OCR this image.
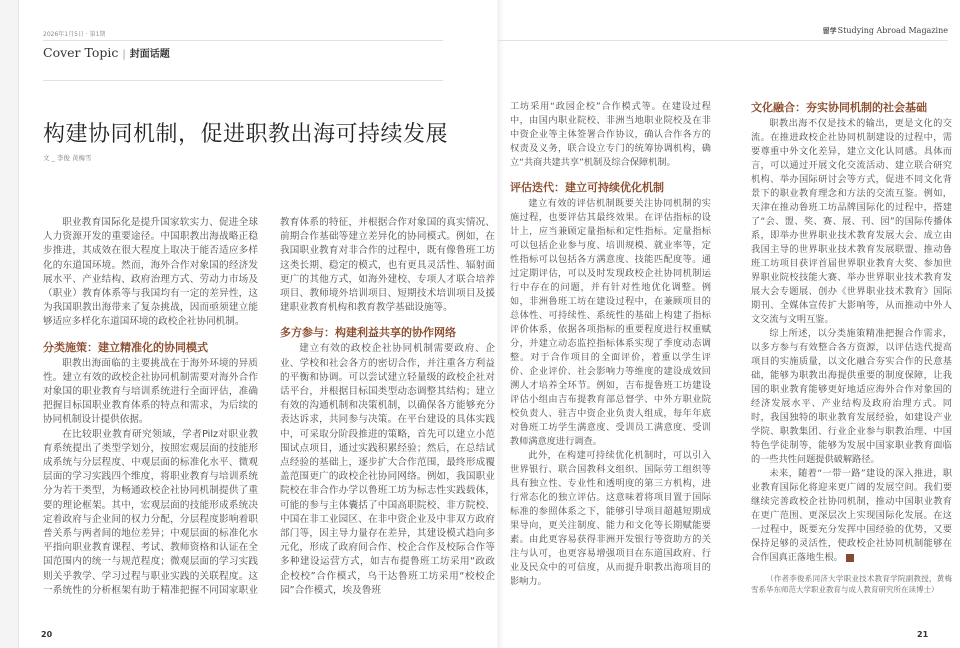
2026年1月5日 · 第1期
Cover Topic | 封面话题
构建协同机制，促进职教出海可持续发展
文 _ 李俊 黄梅雪

职业教育国际化是提升国家软实力、促进全球人力资源开发的重要途径。中国职教出海战略正稳步推进，其成效在很大程度上取决于能否适应多样化的东道国环境。然而，海外合作对象国的经济发展水平、产业结构、政府治理方式、劳动力市场及（职业）教育体系等与我国均有一定的差异性，这为我国职教出海带来了复杂挑战，因而亟须建立能够适应多样化东道国环境的政校企社协同机制。

分类施策：建立精准化的协同模式

职教出海面临的主要挑战在于海外环境的异质性。建立有效的政校企社协同机制需要对海外合作对象国的职业教育与培训系统进行全面评估，准确把握目标国职业教育体系的特点和需求，为后续的协同机制设计提供依据。

在比较职业教育研究领域，学者Pilz对职业教育系统提出了类型学划分，按照宏观层面的技能形成系统与分层程度、中观层面的标准化水平、微观层面的学习实践四个维度，将职业教育与培训系统分为若干类型，为畅通政校企社协同机制提供了重要的理论框架。其中，宏观层面的技能形成系统决定着政府与企业间的权力分配，分层程度影响着职普关系与两者间的地位差异；中观层面的标准化水平指向职业教育课程、考试、教师资格和认证在全国范围内的统一与规范程度；微观层面的学习实践则关乎教学、学习过程与职业实践的关联程度。这一系统性的分析框架有助于精准把握不同国家职业教育体系的特征，并根据合作对象国的真实情况、前期合作基础等建立差异化的协同模式。例如，在我国职业教育对非合作的过程中，既有像鲁班工坊这类长期、稳定的模式，也有更具灵活性、辐射面更广的其他方式，如海外建校、专项人才联合培养项目、教师境外培训项目、短期技术培训项目及援建职业教育机构和教育教学基础设施等。

多方参与：构建利益共享的协作网络

建立有效的政校企社协同机制需要政府、企业、学校和社会各方的密切合作，并注重各方利益的平衡和协调。可以尝试建立轻量级的政校企社对话平台，并根据目标国类型动态调整其结构；建立有效的沟通机制和决策机制，以确保各方能够充分表达诉求，共同参与决策。在平台建设的具体实践中，可采取分阶段推进的策略，首先可以建立小范围试点项目，通过实践积累经验；然后，在总结试点经验的基础上，逐步扩大合作范围，最终形成覆盖范围更广的政校企社协同网络。例如，我国职业院校在非合作办学以鲁班工坊为标志性实践载体，可能的参与主体囊括了中国高职院校、非方院校、中国在非工业园区、在非中资企业及中非双方政府部门等，因主导力量存在差异，其建设模式趋向多元化，形成了政府间合作、校企合作及校际合作等多种建设运营方式，如吉布提鲁班工坊采用“政政企校校”合作模式，乌干达鲁班工坊采用“校校企园”合作模式，埃及鲁班

20
留学Studying Abroad Magazine

工坊采用“政园企校”合作模式等。在建设过程中，由国内职业院校、非洲当地职业院校及在非中资企业等主体签署合作协议，确认合作各方的权责及义务，联合设立专门的统筹协调机构，确立“共商共建共享”机制及综合保障机制。

评估迭代：建立可持续优化机制

建立有效的评估机制既要关注协同机制的实施过程，也要评估其最终效果。在评估指标的设计上，应当兼顾定量指标和定性指标。定量指标可以包括企业参与度、培训规模、就业率等，定性指标可以包括各方满意度、技能匹配度等。通过定期评估，可以及时发现政校企社协同机制运行中存在的问题，并有针对性地优化调整。例如，非洲鲁班工坊在建设过程中，在兼顾项目的总体性、可持续性、系统性的基础上构建了指标评价体系，依据各项指标的重要程度进行权重赋分，并建立动态监控指标体系实现了季度动态调整。对于合作项目的全面评价，着重以学生评价、企业评价、社会影响力等维度的建设成效回溯人才培养全环节。例如，吉布提鲁班工坊建设评估小组由吉布提教育部总督学、中外方职业院校负责人、驻吉中资企业负责人组成，每年年底对鲁班工坊学生满意度、受训员工满意度、受训教师满意度进行调查。

此外，在构建可持续优化机制时，可以引入世界银行、联合国教科文组织、国际劳工组织等具有独立性、专业性和透明度的第三方机构，进行常态化的独立评估。这意味着将项目置于国际标准的参照体系之下，能够引导项目超越短期成果导向，更关注制度、能力和文化等长期赋能要素。由此更容易获得非洲开发银行等资助方的关注与认可，也更容易增强项目在东道国政府、行业及民众中的可信度，从而提升职教出海项目的影响力。

文化融合：夯实协同机制的社会基础

职教出海不仅是技术的输出，更是文化的交流。在推进政校企社协同机制建设的过程中，需要尊重中外文化差异，建立文化认同感。具体而言，可以通过开展文化交流活动、建立联合研究机构、举办国际研讨会等方式，促进不同文化背景下的职业教育理念和方法的交流互鉴。例如，天津在推动鲁班工坊品牌国际化的过程中，搭建了“会、盟、奖、赛、展、刊、园”的国际传播体系，即举办世界职业技术教育发展大会、成立由我国主导的世界职业技术教育发展联盟、推动鲁班工坊项目获评首届世界职业教育大奖、参加世界职业院校技能大赛、举办世界职业技术教育发展大会专题展、创办《世界职业技术教育》国际期刊、全媒体宣传扩大影响等，从而推动中外人文交流与文明互鉴。

综上所述，以分类施策精准把握合作需求，以多方参与有效整合各方资源，以评估迭代提高项目的实施质量，以文化融合夯实合作的民意基础，能够为职教出海提供重要的制度保障，让我国的职业教育能够更好地适应海外合作对象国的经济发展水平、产业结构及政府治理方式。同时，我国独特的职业教育发展经验，如建设产业学院、职教集团、行业企业参与职教治理、中国特色学徒制等，能够为发展中国家职业教育面临的一些共性问题提供破解路径。

未来，随着“一带一路”建设的深入推进，职业教育国际化将迎来更广阔的发展空间。我们要继续完善政校企社协同机制，推动中国职业教育在更广范围、更深层次上实现国际化发展。在这一过程中，既要充分发挥中国经验的优势，又要保持足够的灵活性，使政校企社协同机制能够在合作国真正落地生根。

（作者李俊系同济大学职业技术教育学院副教授，黄梅雪系华东师范大学职业教育与成人教育研究所在读博士）

21
